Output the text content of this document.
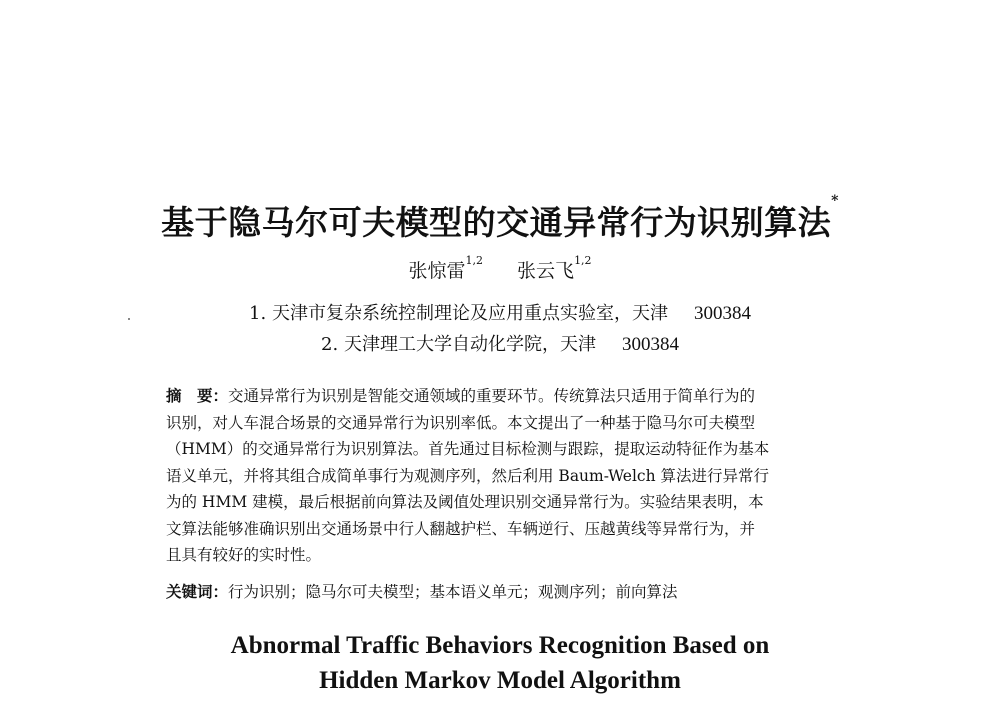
基于隐马尔可夫模型的交通异常行为识别算法*
张惊雷$^{1,2}$ 张云飞$^{1,2}$
1. 天津市复杂系统控制理论及应用重点实验室，天津 300384
2. 天津理工大学自动化学院，天津 300384
摘　要：交通异常行为识别是智能交通领域的重要环节。传统算法只适用于简单行为的
识别，对人车混合场景的交通异常行为识别率低。本文提出了一种基于隐马尔可夫模型
（HMM）的交通异常行为识别算法。首先通过目标检测与跟踪，提取运动特征作为基本
语义单元，并将其组合成简单事行为观测序列，然后利用 Baum-Welch 算法进行异常行
为的 HMM 建模，最后根据前向算法及阈值处理识别交通异常行为。实验结果表明，本
文算法能够准确识别出交通场景中行人翻越护栏、车辆逆行、压越黄线等异常行为，并
且具有较好的实时性。
关键词：行为识别；隐马尔可夫模型；基本语义单元；观测序列；前向算法
Abnormal Traffic Behaviors Recognition Based on
Hidden Markov Model Algorithm
